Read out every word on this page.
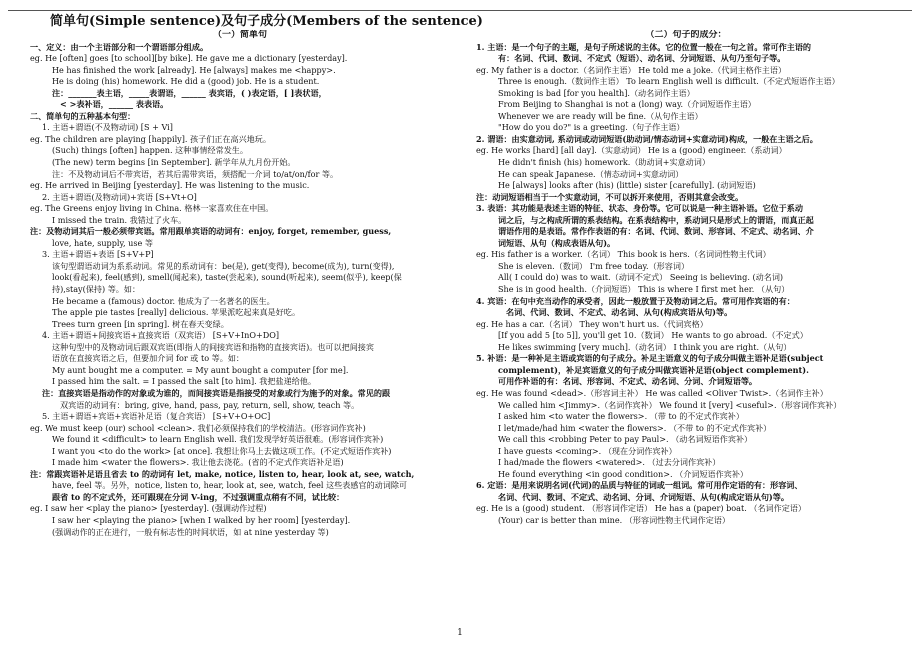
简单句(Simple sentence)及句子成分(Members of the sentence)
（一）简单句
一、定义：由一个主语部分和一个谓语部分组成。
eg. He [often] goes [to school][by bike]. He gave me a dictionary [yesterday].
He has finished the work [already]. He [always] makes me <happy>.
He is doing (his) homework. He did a (good) job. He is a student.
注：_______表主语，_____表谓语，______ 表宾语，( )表定语，[ ]表状语，
< >表补语，______ 表表语。
二、简单句的五种基本句型：
1. 主语+谓语(不及物动词) [S + Vi]
eg. The children are playing [happily]. 孩子们正在高兴地玩。
(Such) things [often] happen. 这种事情经常发生。
(The new) term begins [in September]. 新学年从九月份开始。
注：不及物动词后不带宾语，若其后需带宾语，须搭配一介词 to/at/on/for 等。
eg. He arrived in Beijing [yesterday]. He was listening to the music.
2. 主语+谓语(及物动词)+宾语 [S+Vt+O]
eg. The Greens enjoy living in China. 格林一家喜欢住在中国。
I missed the train. 我错过了火车。
注：及物动词其后一般必须带宾语。常用跟单宾语的动词有：enjoy, forget, remember, guess,
love, hate, supply, use 等
3. 主语+谓语+表语 [S+V+P]
该句型谓语动词为系系动词。常见的系动词有：be(是), get(变得), become(成为), turn(变得),
look(看起来), feel(感到), smell(闻起来), taste(尝起来), sound(听起来), seem(似乎), keep(保
持),stay(保持) 等。如：
He became a (famous) doctor. 他成为了一名著名的医生。
The apple pie tastes [really] delicious. 苹果派吃起来真是好吃。
Trees turn green [in spring]. 树在春天变绿。
4. 主语+谓语+间接宾语+直接宾语（双宾语） [S+V+InO+DO]
这种句型中的及物动词后跟双宾语(即指人的间接宾语和指物的直接宾语)。也可以把间接宾
语放在直接宾语之后，但要加介词 for 或 to 等。如：
My aunt bought me a computer. = My aunt bought a computer [for me].
I passed him the salt. = I passed the salt [to him]. 我把盐递给他。
注：直接宾语是指动作的对象或为谁的，而间接宾语是指接受的对象或行为施予的对象。常见的跟
双宾语的动词有：bring, give, hand, pass, pay, return, sell, show, teach 等。
5. 主语+谓语+宾语+宾语补足语（复合宾语） [S+V+O+OC]
eg. We must keep (our) school <clean>. 我们必须保持我们的学校清洁。(形容词作宾补)
We found it <difficult> to learn English well. 我们发现学好英语很难。(形容词作宾补)
I want you <to do the work> [at once]. 我想让你马上去做这项工作。(不定式短语作宾补)
I made him <water the flowers>. 我让他去浇花。(省的不定式作宾语补足语)
注：常跟宾语补足语且省去 to 的动词有 let, make, notice, listen to, hear, look at, see, watch,
have, feel 等。另外，notice, listen to, hear, look at, see, watch, feel 这些表感官的动词除可
跟省 to 的不定式外，还可跟现在分词 V-ing，不过强调重点稍有不同，试比较：
eg. I saw her <play the piano> [yesterday]. (强调动作过程)
I saw her <playing the piano> [when I walked by her room] [yesterday].
(强调动作的正在进行，一般有标志性的时间状语，如 at nine yesterday 等)
（二）句子的成分：
1. 主语：是一个句子的主题，是句子所述说的主体。它的位置一般在一句之首。常可作主语的
有：名词、代词、数词、不定式（短语）、动名词、分词短语、从句乃至句子等。
eg. My father is a doctor.（名词作主语） He told me a joke.（代词主格作主语）
Three is enough.（数词作主语） To learn English well is difficult.（不定式短语作主语）
Smoking is bad [for you health].（动名词作主语）
From Beijing to Shanghai is not a (long) way.（介词短语作主语）
Whenever we are ready will be fine.（从句作主语）
"How do you do?" is a greeting.（句子作主语）
2. 谓语：由实意动词, 系动词或动词短语(助动词/情态动词+实意动词)构成，一般在主语之后。
eg. He works [hard] [all day].（实意动词） He is a (good) engineer.（系动词）
He didn't finish (his) homework.（助动词+实意动词）
He can speak Japanese.（情态动词+实意动词）
He [always] looks after (his) (little) sister [carefully]. (动词短语)
注：动词短语相当于一个实意动词，不可以拆开来使用，否则其意会改变。
3. 表语：其功能是表述主语的特征、状态、身份等。它可以说是一种主语补语。它位于系动
词之后，与之构成所谓的系表结构。在系表结构中，系动词只是形式上的谓语，而真正起
谓语作用的是表语。常作作表语的有：名词、代词、数词、形容词、不定式、动名词、介
词短语、从句（构成表语从句)。
eg. His father is a worker.（名词） This book is hers.（名词词性物主代词）
She is eleven.（数词） I'm free today.（形容词）
All( I could do) was to wait.（动词不定式） Seeing is believing. (动名词)
She is in good health.（介词短语） This is where I first met her. （从句）
4. 宾语：在句中充当动作的承受者，因此一般放置于及物动词之后。常可用作宾语的有：
名词、代词、数词、不定式、动名词、从句(构成宾语从句)等。
eg. He has a car.（名词） They won't hurt us.（代词宾格）
[If you add 5 [to 5]], you'll get 10.（数词） He wants to go abroad.（不定式）
He likes swimming [very much].（动名词） I think you are right.（从句）
5. 补语：是一种补足主语或宾语的句子成分。补足主语意义的句子成分叫做主语补足语(subject
complement)，补足宾语意义的句子成分叫做宾语补足语(object complement).
可用作补语的有：名词、形容词、不定式、动名词、分词、介词短语等。
eg. He was found <dead>.（形容词主补） He was called <Oliver Twist>.（名词作主补）
We called him <Jimmy>.（名词作宾补） We found it [very] <useful>.（形容词作宾补）
I asked him <to water the flowers>. （带 to 的不定式作宾补）
I let/made/had him <water the flowers>. （不带 to 的不定式作宾补）
We call this <robbing Peter to pay Paul>. （动名词短语作宾补）
I have guests <coming>. （现在分词作宾补）
I had/made the flowers <watered>. （过去分词作宾补）
He found everything <in good condition>. （介词短语作宾补）
6. 定语：是用来说明名词(代词)的品质与特征的词或一组词。常可用作定语的有：形容词、
名词、代词、数词、不定式、动名词、分词、介词短语、从句(构成定语从句)等。
eg. He is a (good) student. （形容词作定语） He has a (paper) boat. （名词作定语）
(Your) car is better than mine. （形容词性物主代词作定语）
1
